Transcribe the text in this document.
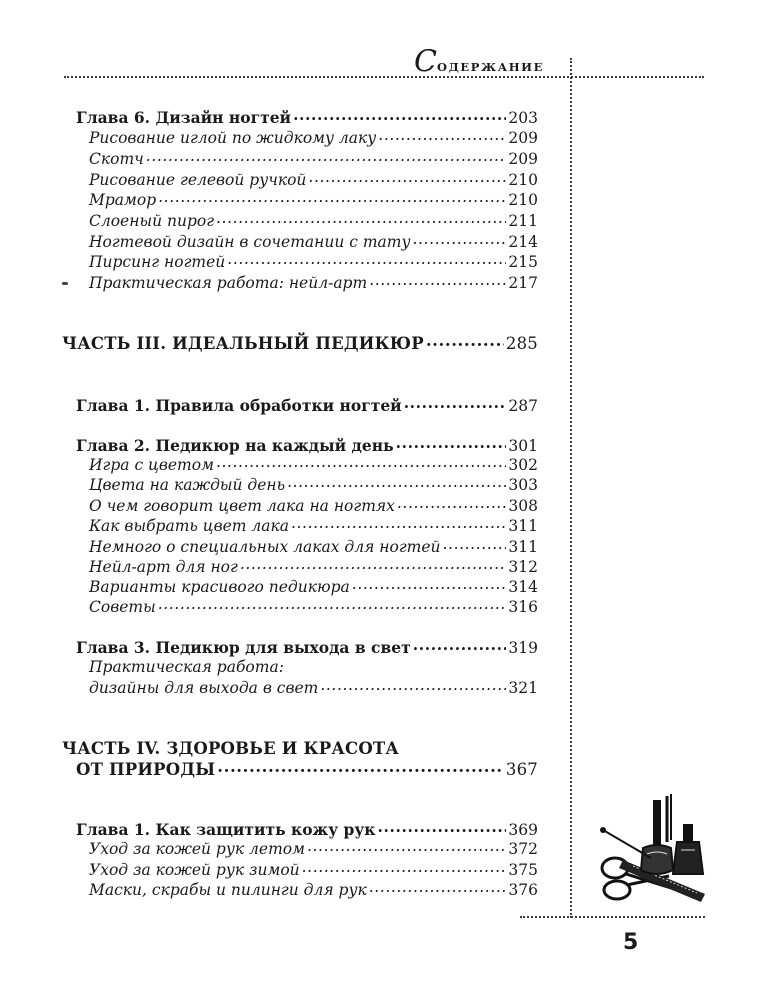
СОДЕРЖАНИЕ
Глава 6. Дизайн ногтей .....	203
Рисование иглой по жидкому лаку .....	209
Скотч .....	209
Рисование гелевой ручкой .....	210
Мрамор .....	210
Слоеный пирог .....	211
Ногтевой дизайн в сочетании с тату .....	214
Пирсинг ногтей .....	215
Практическая работа: нейл-арт .....	217
ЧАСТЬ III. ИДЕАЛЬНЫЙ ПЕДИКЮР .....	285
Глава 1. Правила обработки ногтей .....	287
Глава 2. Педикюр на каждый день .....	301
Игра с цветом .....	302
Цвета на каждый день .....	303
О чем говорит цвет лака на ногтях .....	308
Как выбрать цвет лака .....	311
Немного о специальных лаках для ногтей .....	311
Нейл-арт для ног .....	312
Варианты красивого педикюра .....	314
Советы .....	316
Глава 3. Педикюр для выхода в свет .....	319
Практическая работа:
дизайны для выхода в свет .....	321
ЧАСТЬ IV. ЗДОРОВЬЕ И КРАСОТА
ОТ ПРИРОДЫ .....	367
Глава 1. Как защитить кожу рук .....	369
Уход за кожей рук летом .....	372
Уход за кожей рук зимой .....	375
Маски, скрабы и пилинги для рук .....	376
5
